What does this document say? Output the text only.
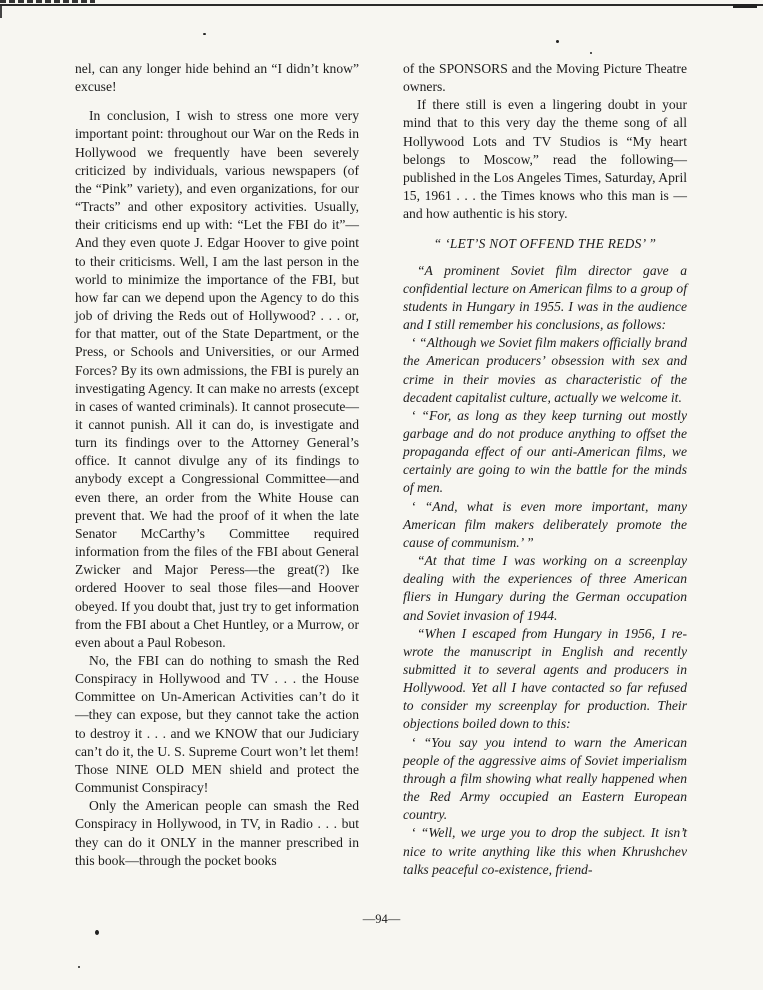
nel, can any longer hide behind an “I didn’t know” excuse!

In conclusion, I wish to stress one more very important point: throughout our War on the Reds in Hollywood we frequently have been severely criticized by individuals, various newspapers (of the “Pink” variety), and even organizations, for our “Tracts” and other expository activities. Usually, their criticisms end up with: “Let the FBI do it”—And they even quote J. Edgar Hoover to give point to their criticisms. Well, I am the last person in the world to minimize the importance of the FBI, but how far can we depend upon the Agency to do this job of driving the Reds out of Hollywood? . . . or, for that matter, out of the State Department, or the Press, or Schools and Universities, or our Armed Forces? By its own admissions, the FBI is purely an investigating Agency. It can make no arrests (except in cases of wanted criminals). It cannot prosecute—it cannot punish. All it can do, is investigate and turn its findings over to the Attorney General’s office. It cannot divulge any of its findings to anybody except a Congressional Committee—and even there, an order from the White House can prevent that. We had the proof of it when the late Senator McCarthy’s Committee required information from the files of the FBI about General Zwicker and Major Peress—the great(?) Ike ordered Hoover to seal those files—and Hoover obeyed. If you doubt that, just try to get information from the FBI about a Chet Huntley, or a Murrow, or even about a Paul Robeson.

No, the FBI can do nothing to smash the Red Conspiracy in Hollywood and TV . . . the House Committee on Un-American Activities can’t do it —they can expose, but they cannot take the action to destroy it . . . and we KNOW that our Judiciary can’t do it, the U. S. Supreme Court won’t let them! Those NINE OLD MEN shield and protect the Communist Conspiracy!

Only the American people can smash the Red Conspiracy in Hollywood, in TV, in Radio . . . but they can do it ONLY in the manner prescribed in this book—through the pocket books

of the SPONSORS and the Moving Picture Theatre owners.

If there still is even a lingering doubt in your mind that to this very day the theme song of all Hollywood Lots and TV Studios is “My heart belongs to Moscow,” read the following—published in the Los Angeles Times, Saturday, April 15, 1961 . . . the Times knows who this man is —and how authentic is his story.

“ ‘LET’S NOT OFFEND THE REDS’ ”

“A prominent Soviet film director gave a confidential lecture on American films to a group of students in Hungary in 1955. I was in the audience and I still remember his conclusions, as follows:

‘ “Although we Soviet film makers officially brand the American producers’ obsession with sex and crime in their movies as characteristic of the decadent capitalist culture, actually we welcome it.

‘ “For, as long as they keep turning out mostly garbage and do not produce anything to offset the propaganda effect of our anti-American films, we certainly are going to win the battle for the minds of men.

‘ “And, what is even more important, many American film makers deliberately promote the cause of communism.’ ”

“At that time I was working on a screenplay dealing with the experiences of three American fliers in Hungary during the German occupation and Soviet invasion of 1944.

“When I escaped from Hungary in 1956, I re-wrote the manuscript in English and recently submitted it to several agents and producers in Hollywood. Yet all I have contacted so far refused to consider my screenplay for production. Their objections boiled down to this:

‘ “You say you intend to warn the American people of the aggressive aims of Soviet imperialism through a film showing what really happened when the Red Army occupied an Eastern European country.

‘ “Well, we urge you to drop the subject. It isn’t nice to write anything like this when Khrushchev talks peaceful co-existence, friend-

—94—
